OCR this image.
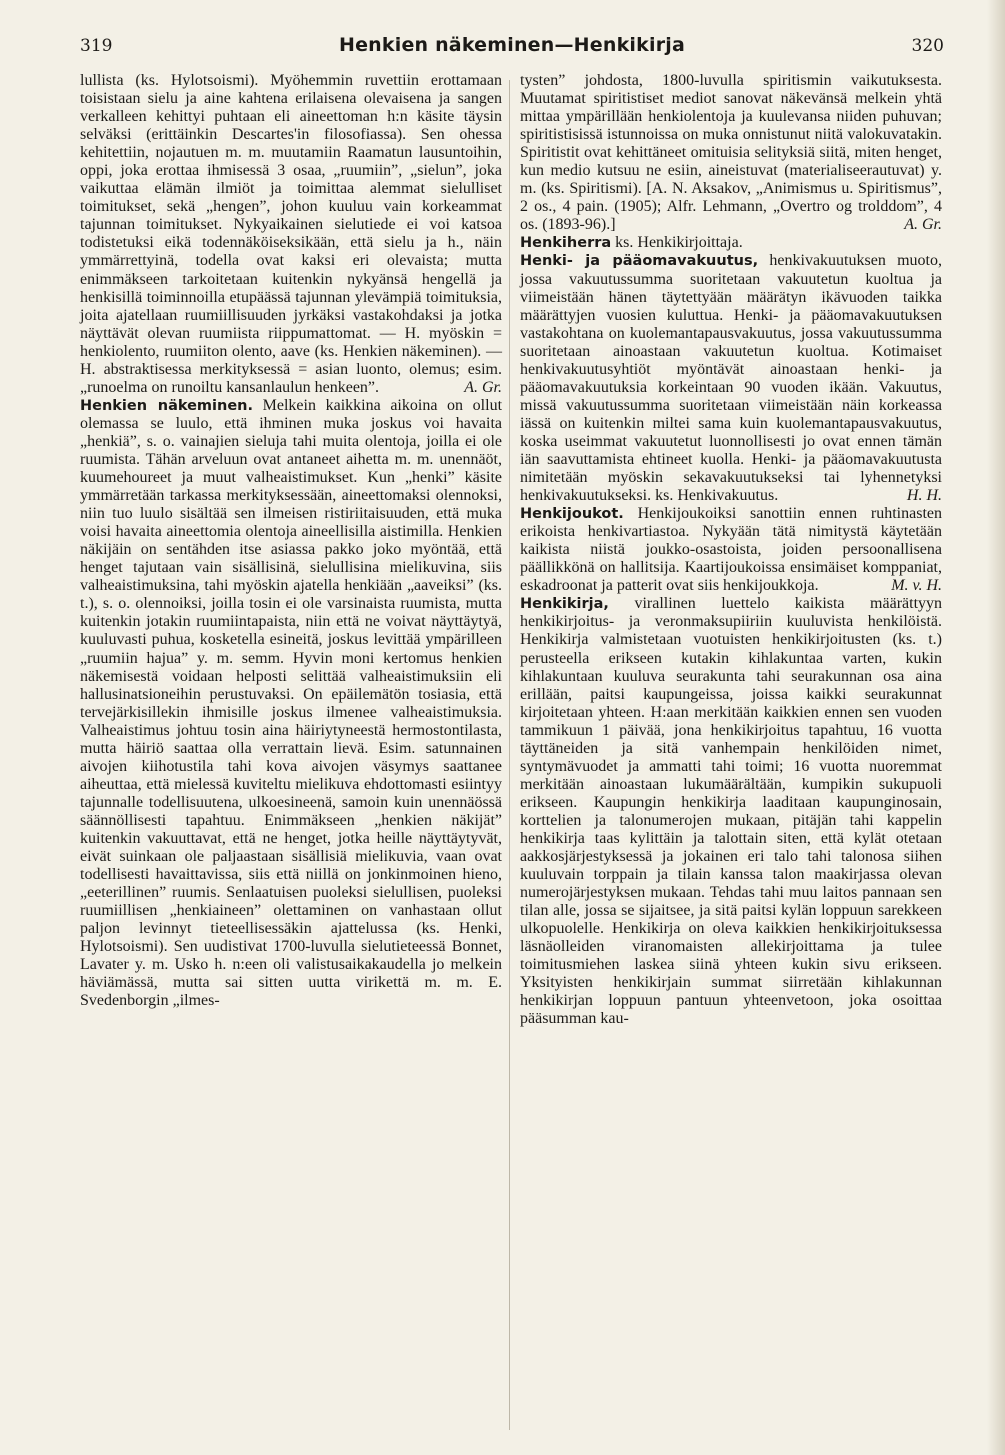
319	Henkien näkeminen—Henkikirja	320

lullista (ks. Hylotsoismi). Myöhemmin ruvettiin erottamaan toisistaan sielu ja aine kahtena erilaisena olevaisena ja sangen verkalleen kehittyi puhtaan eli aineettoman h:n käsite täysin selväksi (erittäinkin Descartes'in filosofiassa). Sen ohessa kehitettiin, nojautuen m. m. muutamiin Raamatun lausuntoihin, oppi, joka erottaa ihmisessä 3 osaa, „ruumiin”, „sielun”, joka vaikuttaa elämän ilmiöt ja toimittaa alemmat sielulliset toimitukset, sekä „hengen”, johon kuuluu vain korkeammat tajunnan toimitukset. Nykyaikainen sielutiede ei voi katsoa todistetuksi eikä todennäköiseksikään, että sielu ja h., näin ymmärrettyinä, todella ovat kaksi eri olevaista; mutta enimmäkseen tarkoitetaan kuitenkin nykyänsä hengellä ja henkisillä toiminnoilla etupäässä tajunnan ylevämpiä toimituksia, joita ajatellaan ruumiillisuuden jyrkäksi vastakohdaksi ja jotka näyttävät olevan ruumiista riippumattomat. — H. myöskin = henkiolento, ruumiiton olento, aave (ks. Henkien näkeminen). — H. abstraktisessa merkityksessä = asian luonto, olemus; esim. „runoelma on runoiltu kansanlaulun henkeen”.	A. Gr.

Henkien näkeminen. Melkein kaikkina aikoina on ollut olemassa se luulo, että ihminen muka joskus voi havaita „henkiä”, s. o. vainajien sieluja tahi muita olentoja, joilla ei ole ruumista. Tähän arveluun ovat antaneet aihetta m. m. unennäöt, kuumehoureet ja muut valheaistimukset. Kun „henki” käsite ymmärretään tarkassa merkityksessään, aineettomaksi olennoksi, niin tuo luulo sisältää sen ilmeisen ristiriitaisuuden, että muka voisi havaita aineettomia olentoja aineellisilla aistimilla. Henkien näkijäin on sentähden itse asiassa pakko joko myöntää, että henget tajutaan vain sisällisinä, sielullisina mielikuvina, siis valheaistimuksina, tahi myöskin ajatella henkiään „aaveiksi” (ks. t.), s. o. olennoiksi, joilla tosin ei ole varsinaista ruumista, mutta kuitenkin jotakin ruumiintapaista, niin että ne voivat näyttäytyä, kuuluvasti puhua, kosketella esineitä, joskus levittää ympärilleen „ruumiin hajua” y. m. semm. Hyvin moni kertomus henkien näkemisestä voidaan helposti selittää valheaistimuksiin eli hallusinatsioneihin perustuvaksi. On epäilemätön tosiasia, että tervejärkisillekin ihmisille joskus ilmenee valheaistimuksia. Valheaistimus johtuu tosin aina häiriytyneestä hermostontilasta, mutta häiriö saattaa olla verrattain lievä. Esim. satunnainen aivojen kiihotustila tahi kova aivojen väsymys saattanee aiheuttaa, että mielessä kuviteltu mielikuva ehdottomasti esiintyy tajunnalle todellisuutena, ulkoesineenä, samoin kuin unennäössä säännöllisesti tapahtuu. Enimmäkseen „henkien näkijät” kuitenkin vakuuttavat, että ne henget, jotka heille näyttäytyvät, eivät suinkaan ole paljaastaan sisällisiä mielikuvia, vaan ovat todellisesti havaittavissa, siis että niillä on jonkinmoinen hieno, „eeterillinen” ruumis. Senlaatuisen puoleksi sielullisen, puoleksi ruumiillisen „henkiaineen” olettaminen on vanhastaan ollut paljon levinnyt tieteellisessäkin ajattelussa (ks. Henki, Hylotsoismi). Sen uudistivat 1700-luvulla sielutieteessä Bonnet, Lavater y. m. Usko h. n:een oli valistusaikakaudella jo melkein häviämässä, mutta sai sitten uutta virikettä m. m. E. Svedenborgin „ilmes-

tysten” johdosta, 1800-luvulla spiritismin vaikutuksesta. Muutamat spiritistiset mediot sanovat näkevänsä melkein yhtä mittaa ympärillään henkiolentoja ja kuulevansa niiden puhuvan; spiritistisissä istunnoissa on muka onnistunut niitä valokuvatakin. Spiritistit ovat kehittäneet omituisia selityksiä siitä, miten henget, kun medio kutsuu ne esiin, aineistuvat (materialiseerautuvat) y. m. (ks. Spiritismi). [A. N. Aksakov, „Animismus u. Spiritismus”, 2 os., 4 pain. (1905); Alfr. Lehmann, „Overtro og trolddom”, 4 os. (1893-96).]	A. Gr.

Henkiherra ks. Henkikirjoittaja.

Henki- ja pääomavakuutus, henkivakuutuksen muoto, jossa vakuutussumma suoritetaan vakuutetun kuoltua ja viimeistään hänen täytettyään määrätyn ikävuoden taikka määrättyjen vuosien kuluttua. Henki- ja pääomavakuutuksen vastakohtana on kuolemantapausvakuutus, jossa vakuutussumma suoritetaan ainoastaan vakuutetun kuoltua. Kotimaiset henkivakuutusyhtiöt myöntävät ainoastaan henki- ja pääomavakuutuksia korkeintaan 90 vuoden ikään. Vakuutus, missä vakuutussumma suoritetaan viimeistään näin korkeassa iässä on kuitenkin miltei sama kuin kuolemantapausvakuutus, koska useimmat vakuutetut luonnollisesti jo ovat ennen tämän iän saavuttamista ehtineet kuolla. Henki- ja pääomavakuutusta nimitetään myöskin sekavakuutukseksi tai lyhennetyksi henkivakuutukseksi. ks. Henkivakuutus.	H. H.

Henkijoukot. Henkijoukoiksi sanottiin ennen ruhtinasten erikoista henkivartiastoa. Nykyään tätä nimitystä käytetään kaikista niistä joukko-osastoista, joiden persoonallisena päällikkönä on hallitsija. Kaartijoukoissa ensimäiset komppaniat, eskadroonat ja patterit ovat siis henkijoukkoja.	M. v. H.

Henkikirja, virallinen luettelo kaikista määrättyyn henkikirjoitus- ja veronmaksupiiriin kuuluvista henkilöistä. Henkikirja valmistetaan vuotuisten henkikirjoitusten (ks. t.) perusteella erikseen kutakin kihlakuntaa varten, kukin kihlakuntaan kuuluva seurakunta tahi seurakunnan osa aina erillään, paitsi kaupungeissa, joissa kaikki seurakunnat kirjoitetaan yhteen. H:aan merkitään kaikkien ennen sen vuoden tammikuun 1 päivää, jona henkikirjoitus tapahtuu, 16 vuotta täyttäneiden ja sitä vanhempain henkilöiden nimet, syntymävuodet ja ammatti tahi toimi; 16 vuotta nuoremmat merkitään ainoastaan lukumäärältään, kumpikin sukupuoli erikseen. Kaupungin henkikirja laaditaan kaupunginosain, korttelien ja talonumerojen mukaan, pitäjän tahi kappelin henkikirja taas kylittäin ja talottain siten, että kylät otetaan aakkosjärjestyksessä ja jokainen eri talo tahi talonosa siihen kuuluvain torppain ja tilain kanssa talon maakirjassa olevan numerojärjestyksen mukaan. Tehdas tahi muu laitos pannaan sen tilan alle, jossa se sijaitsee, ja sitä paitsi kylän loppuun sarekkeen ulkopuolelle. Henkikirja on oleva kaikkien henkikirjoituksessa läsnäolleiden viranomaisten allekirjoittama ja tulee toimitusmiehen laskea siinä yhteen kukin sivu erikseen. Yksityisten henkikirjain summat siirretään kihlakunnan henkikirjan loppuun pantuun yhteenvetoon, joka osoittaa pääsumman kau-
